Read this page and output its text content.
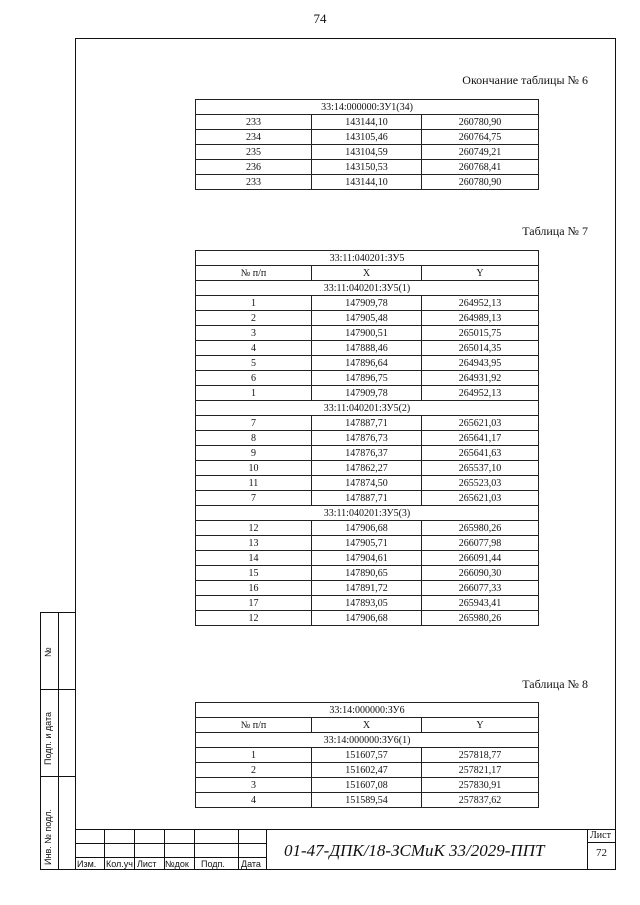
74
Окончание таблицы № 6
33:14:000000:ЗУ1(34)		
233	143144,10	260780,90
234	143105,46	260764,75
235	143104,59	260749,21
236	143150,53	260768,41
233	143144,10	260780,90
Таблица № 7
33:11:040201:ЗУ5		
№ п/п	X	Y
33:11:040201:ЗУ5(1)		
1	147909,78	264952,13
2	147905,48	264989,13
3	147900,51	265015,75
4	147888,46	265014,35
5	147896,64	264943,95
6	147896,75	264931,92
1	147909,78	264952,13
33:11:040201:ЗУ5(2)		
7	147887,71	265621,03
8	147876,73	265641,17
9	147876,37	265641,63
10	147862,27	265537,10
11	147874,50	265523,03
7	147887,71	265621,03
33:11:040201:ЗУ5(3)		
12	147906,68	265980,26
13	147905,71	266077,98
14	147904,61	266091,44
15	147890,65	266090,30
16	147891,72	266077,33
17	147893,05	265943,41
12	147906,68	265980,26
Таблица № 8
33:14:000000:ЗУ6		
№ п/п	X	Y
33:14:000000:ЗУ6(1)		
1	151607,57	257818,77
2	151602,47	257821,17
3	151607,08	257830,91
4	151589,54	257837,62
№
Подп. и дата
Инв. № подл.	Изм. Кол.уч Лист №док Подп. Дата
01-47-ДПК/18-ЗСМиК 33/2029-ППТ
Лист
72
